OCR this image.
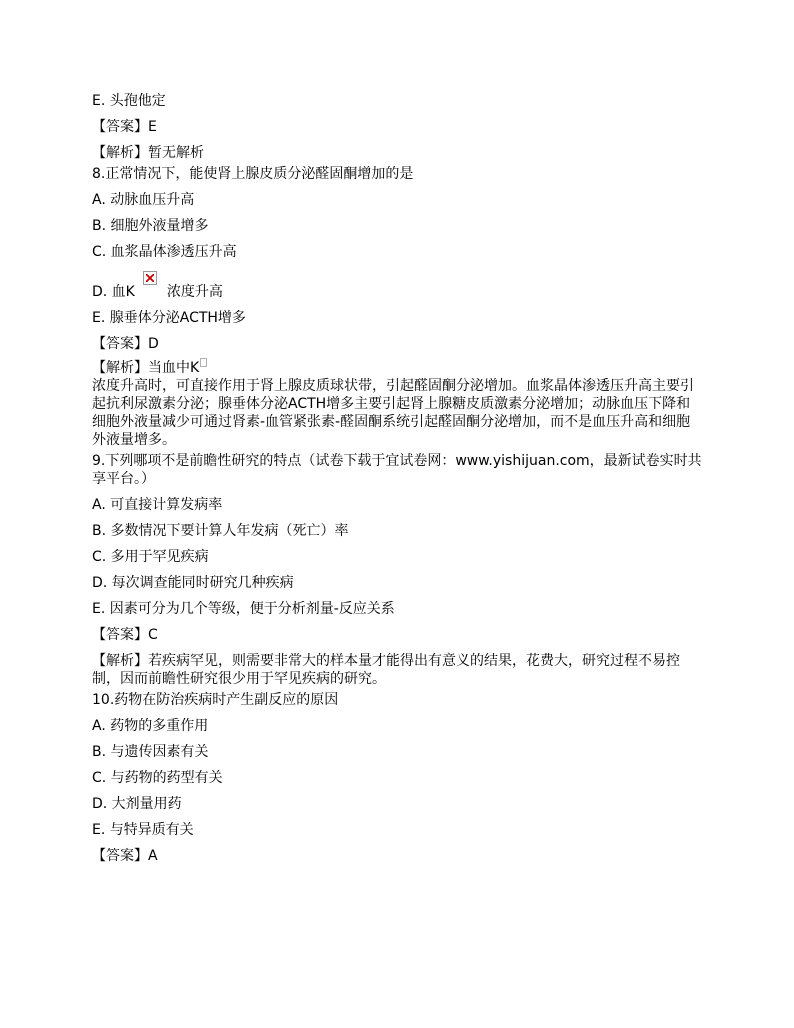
E. 头孢他定
【答案】E
【解析】暂无解析
8.正常情况下，能使肾上腺皮质分泌醛固酮增加的是
A. 动脉血压升高
B. 细胞外液量增多
C. 血浆晶体渗透压升高
D. 血K 浓度升高
E. 腺垂体分泌ACTH增多
【答案】D
【解析】当血中K
浓度升高时，可直接作用于肾上腺皮质球状带，引起醛固酮分泌增加。血浆晶体渗透压升高主要引起抗利尿激素分泌；腺垂体分泌ACTH增多主要引起肾上腺糖皮质激素分泌增加；动脉血压下降和细胞外液量减少可通过肾素-血管紧张素-醛固酮系统引起醛固酮分泌增加，而不是血压升高和细胞外液量增多。
9.下列哪项不是前瞻性研究的特点（试卷下载于宜试卷网：www.yishijuan.com，最新试卷实时共享平台。）
A. 可直接计算发病率
B. 多数情况下要计算人年发病（死亡）率
C. 多用于罕见疾病
D. 每次调查能同时研究几种疾病
E. 因素可分为几个等级，便于分析剂量-反应关系
【答案】C
【解析】若疾病罕见，则需要非常大的样本量才能得出有意义的结果，花费大，研究过程不易控制，因而前瞻性研究很少用于罕见疾病的研究。
10.药物在防治疾病时产生副反应的原因
A. 药物的多重作用
B. 与遗传因素有关
C. 与药物的药型有关
D. 大剂量用药
E. 与特异质有关
【答案】A
